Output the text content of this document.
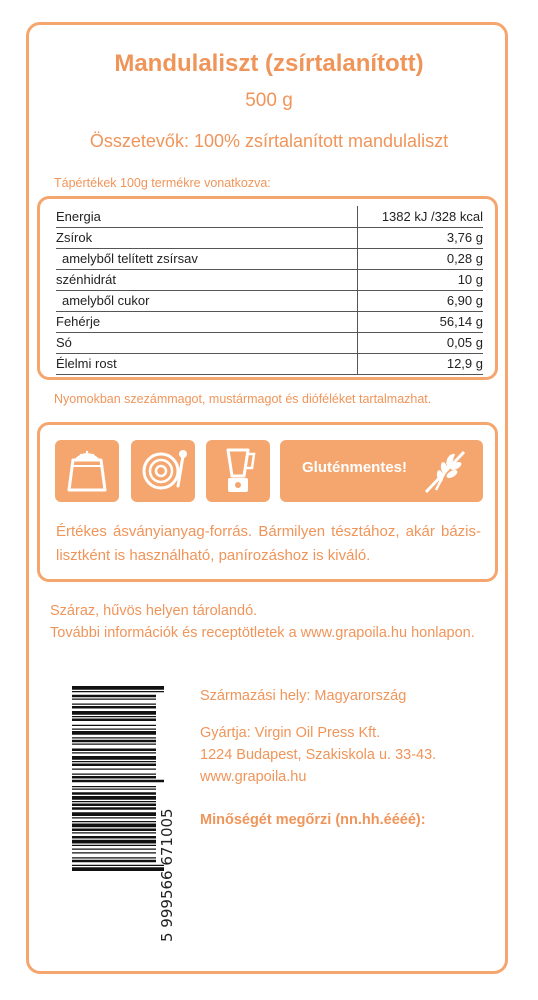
Mandulaliszt (zsírtalanított)
500 g
Összetevők: 100% zsírtalanított mandulaliszt
Tápértékek 100g termékre vonatkozva:
Energia	1382 kJ /328 kcal
Zsírok	3,76 g
amelyből telített zsírsav	0,28 g
szénhidrát	10 g
amelyből cukor	6,90 g
Fehérje	56,14 g
Só	0,05 g
Élelmi rost	12,9 g
Nyomokban szezámmagot, mustármagot és dióféléket tartalmazhat.
Gluténmentes!
Értékes ásványianyag-forrás. Bármilyen tésztához, akár bázis-lisztként is használható, panírozáshoz is kiváló.
Száraz, hűvös helyen tárolandó.
További információk és receptötletek a www.grapoila.hu honlapon.
5 999566 671005
Származási hely: Magyarország
Gyártja: Virgin Oil Press Kft.
1224 Budapest, Szakiskola u. 33-43.
www.grapoila.hu
Minőségét megőrzi (nn.hh.éééé):
